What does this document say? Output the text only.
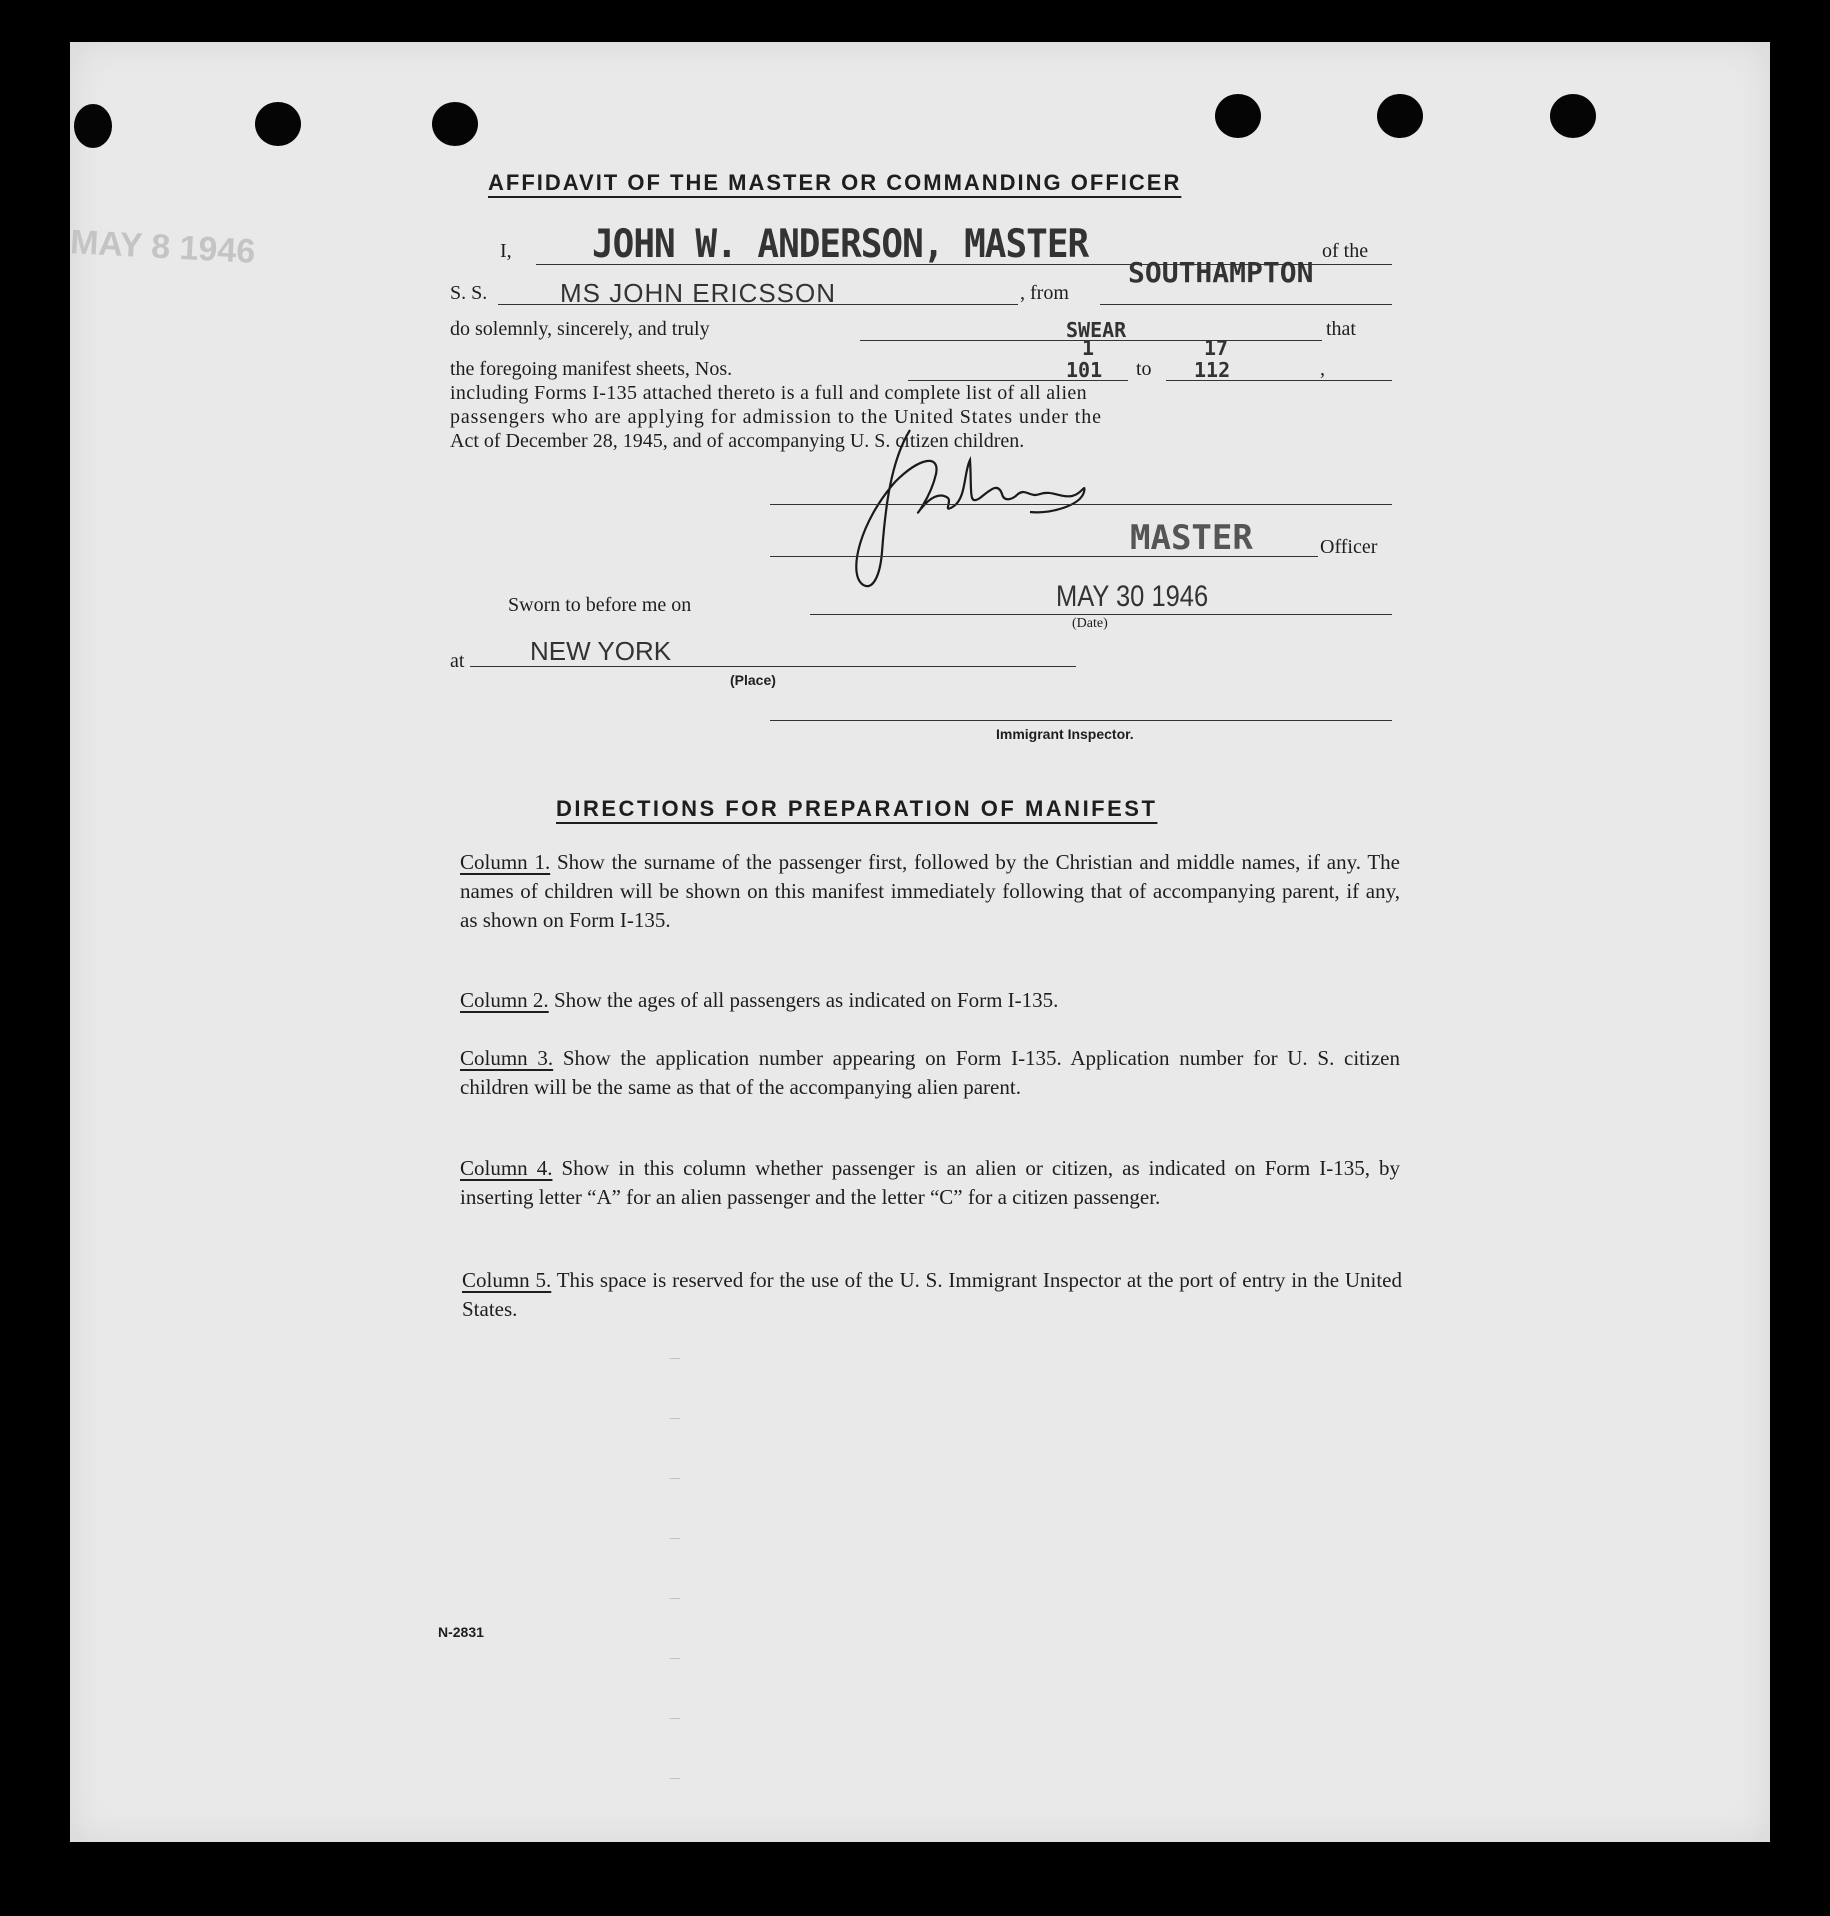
MAY 8 1946
AFFIDAVIT OF THE MASTER OR COMMANDING OFFICER
I, JOHN W. ANDERSON, MASTER	of the
S. S.	MS JOHN ERICSSON	, from
SOUTHAMPTON
do solemnly, sincerely, and truly	SWEAR	that
the foregoing manifest sheets, Nos.
1
101 to
17
112	,
including Forms I-135 attached thereto is a full and complete list of all alien
passengers who are applying for admission to the United States under the
Act of December 28, 1945, and of accompanying U. S. citizen children.
MASTER	Officer
Sworn to before me on	MAY 30 1946
(Date)
at	NEW YORK
(Place)
Immigrant Inspector.
DIRECTIONS FOR PREPARATION OF MANIFEST
Column 1. Show the surname of the passenger first, followed by the Christian and middle names, if any. The names of children will be shown on this manifest immediately following that of accompanying parent, if any, as shown on Form I-135.
Column 2. Show the ages of all passengers as indicated on Form I-135.
Column 3. Show the application number appearing on Form I-135. Application number for U. S. citizen children will be the same as that of the accompanying alien parent.
Column 4. Show in this column whether passenger is an alien or citizen, as indicated on Form I-135, by inserting letter “A” for an alien passenger and the letter “C” for a citizen passenger.
Column 5. This space is reserved for the use of the U. S. Immigrant Inspector at the port of entry in the United States.
–
–
–
–
–
–
–
–
N-2831
